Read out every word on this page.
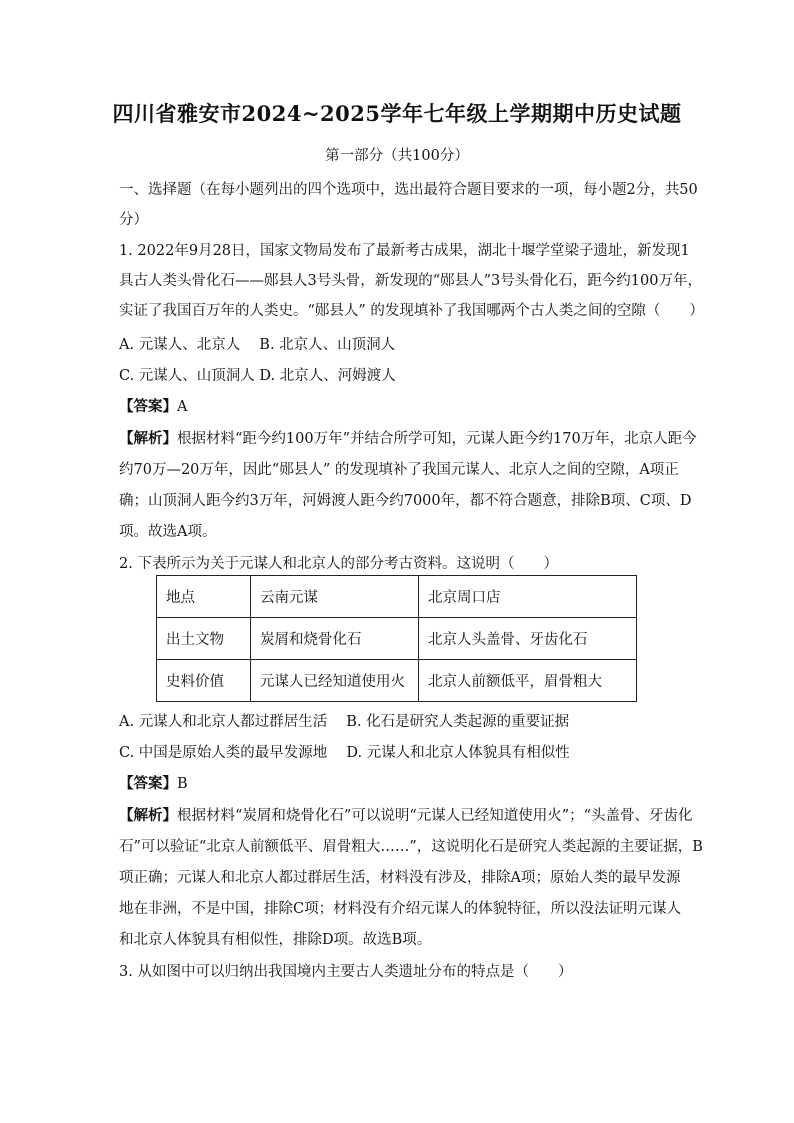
四川省雅安市2024~2025学年七年级上学期期中历史试题
第一部分（共100分）
一、选择题（在每小题列出的四个选项中，选出最符合题目要求的一项，每小题2分，共50
分）
1. 2022年9月28日，国家文物局发布了最新考古成果，湖北十堰学堂梁子遗址，新发现1
具古人类头骨化石——郧县人3号头骨，新发现的“郧县人”3号头骨化石，距今约100万年，
实证了我国百万年的人类史。“郧县人” 的发现填补了我国哪两个古人类之间的空隙（　　）
A. 元谋人、北京人　 B. 北京人、山顶洞人
C. 元谋人、山顶洞人 D. 北京人、河姆渡人
【答案】A
【解析】根据材料“距今约100万年”并结合所学可知，元谋人距今约170万年，北京人距今
约70万—20万年，因此“郧县人” 的发现填补了我国元谋人、北京人之间的空隙，A项正
确；山顶洞人距今约3万年，河姆渡人距今约7000年，都不符合题意，排除B项、C项、D
项。故选A项。
2. 下表所示为关于元谋人和北京人的部分考古资料。这说明（　　）
地点	云南元谋	北京周口店
出土文物	炭屑和烧骨化石	北京人头盖骨、牙齿化石
史料价值	元谋人已经知道使用火	北京人前额低平，眉骨粗大
A. 元谋人和北京人都过群居生活　 B. 化石是研究人类起源的重要证据
C. 中国是原始人类的最早发源地　 D. 元谋人和北京人体貌具有相似性
【答案】B
【解析】根据材料“炭屑和烧骨化石”可以说明“元谋人已经知道使用火”；“头盖骨、牙齿化
石”可以验证“北京人前额低平、眉骨粗大……”，这说明化石是研究人类起源的主要证据，B
项正确；元谋人和北京人都过群居生活，材料没有涉及，排除A项；原始人类的最早发源
地在非洲，不是中国，排除C项；材料没有介绍元谋人的体貌特征，所以没法证明元谋人
和北京人体貌具有相似性，排除D项。故选B项。
3. 从如图中可以归纳出我国境内主要古人类遗址分布的特点是（　　）
